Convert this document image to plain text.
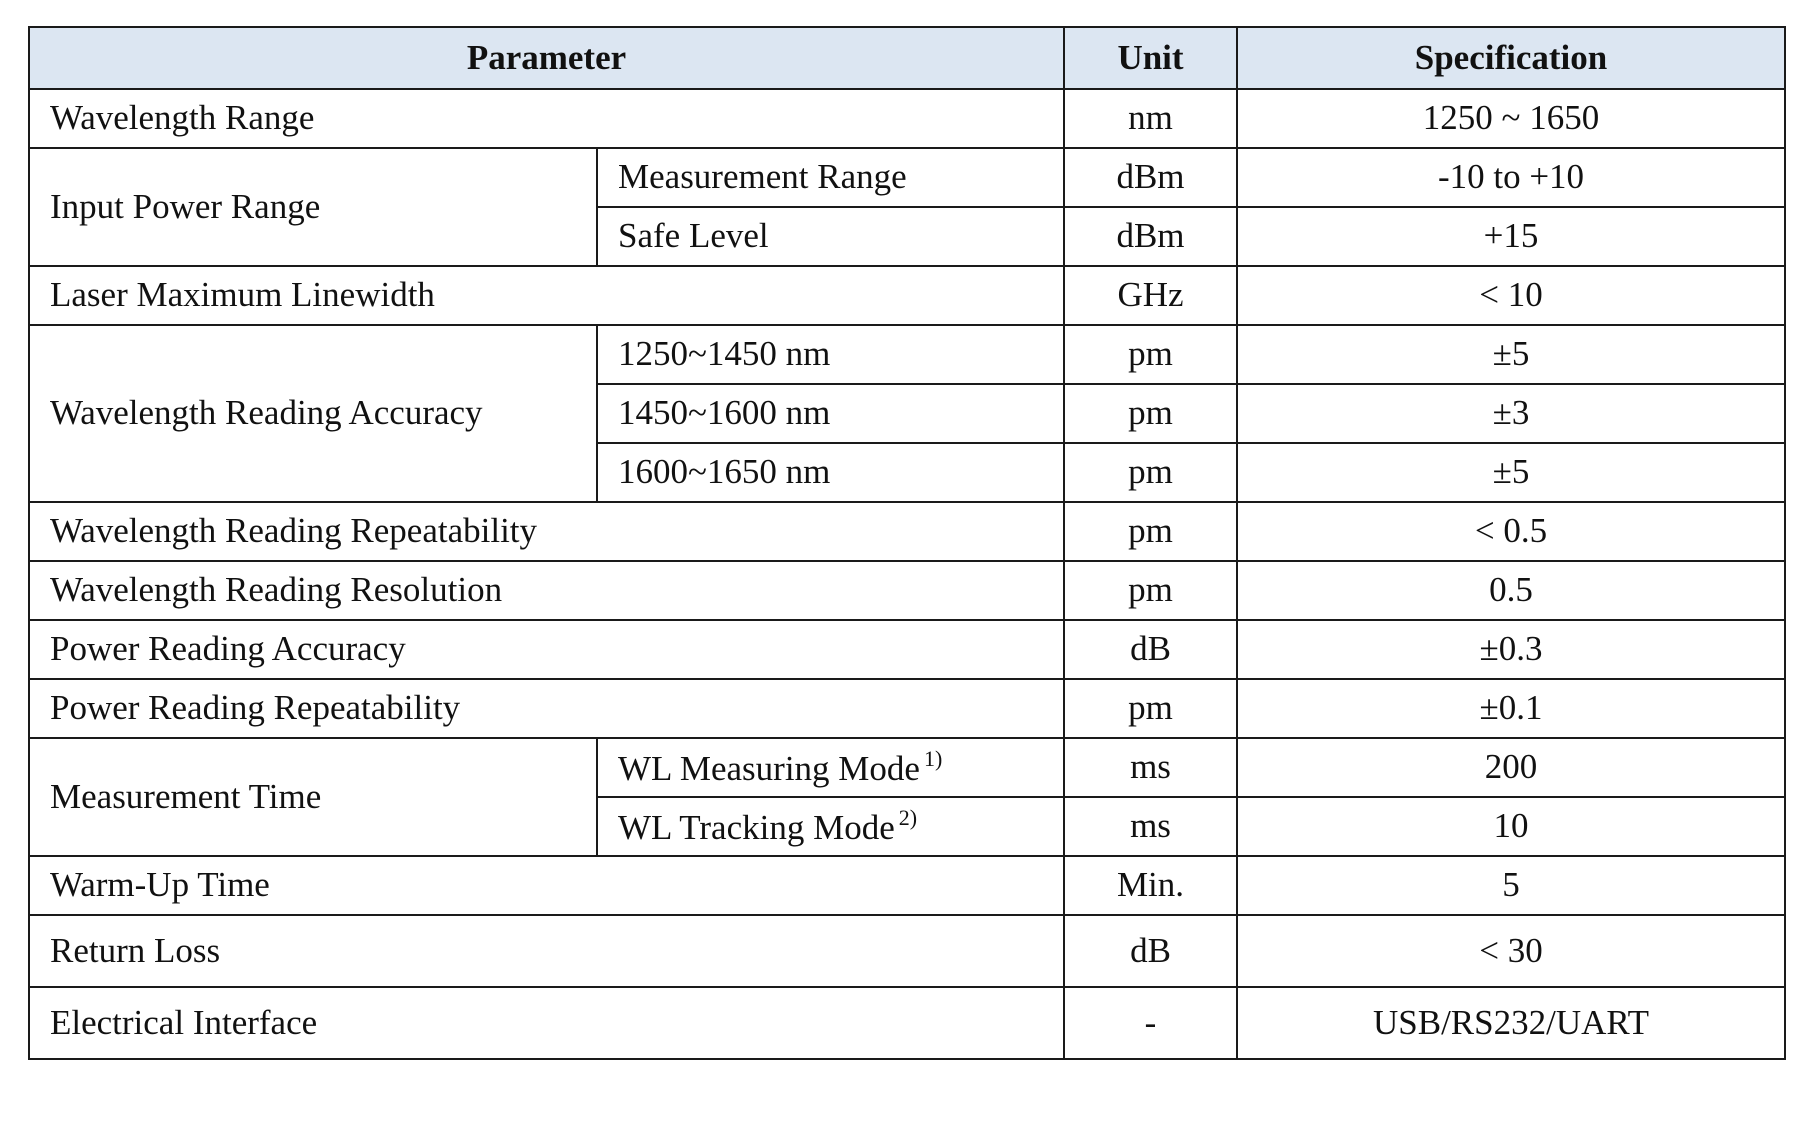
Parameter		Unit	Specification
Wavelength Range		nm	1250 ~ 1650
Input Power Range	Measurement Range	dBm	-10 to +10
	Safe Level	dBm	+15
Laser Maximum Linewidth		GHz	< 10
Wavelength Reading Accuracy	1250~1450 nm	pm	±5
	1450~1600 nm	pm	±3
	1600~1650 nm	pm	±5
Wavelength Reading Repeatability		pm	< 0.5
Wavelength Reading Resolution		pm	0.5
Power Reading Accuracy		dB	±0.3
Power Reading Repeatability		pm	±0.1
Measurement Time	WL Measuring Mode $^{1)}$	ms	200
	WL Tracking Mode $^{2)}$	ms	10
Warm-Up Time		Min.	5
Return Loss		dB	< 30
Electrical Interface		-	USB/RS232/UART
